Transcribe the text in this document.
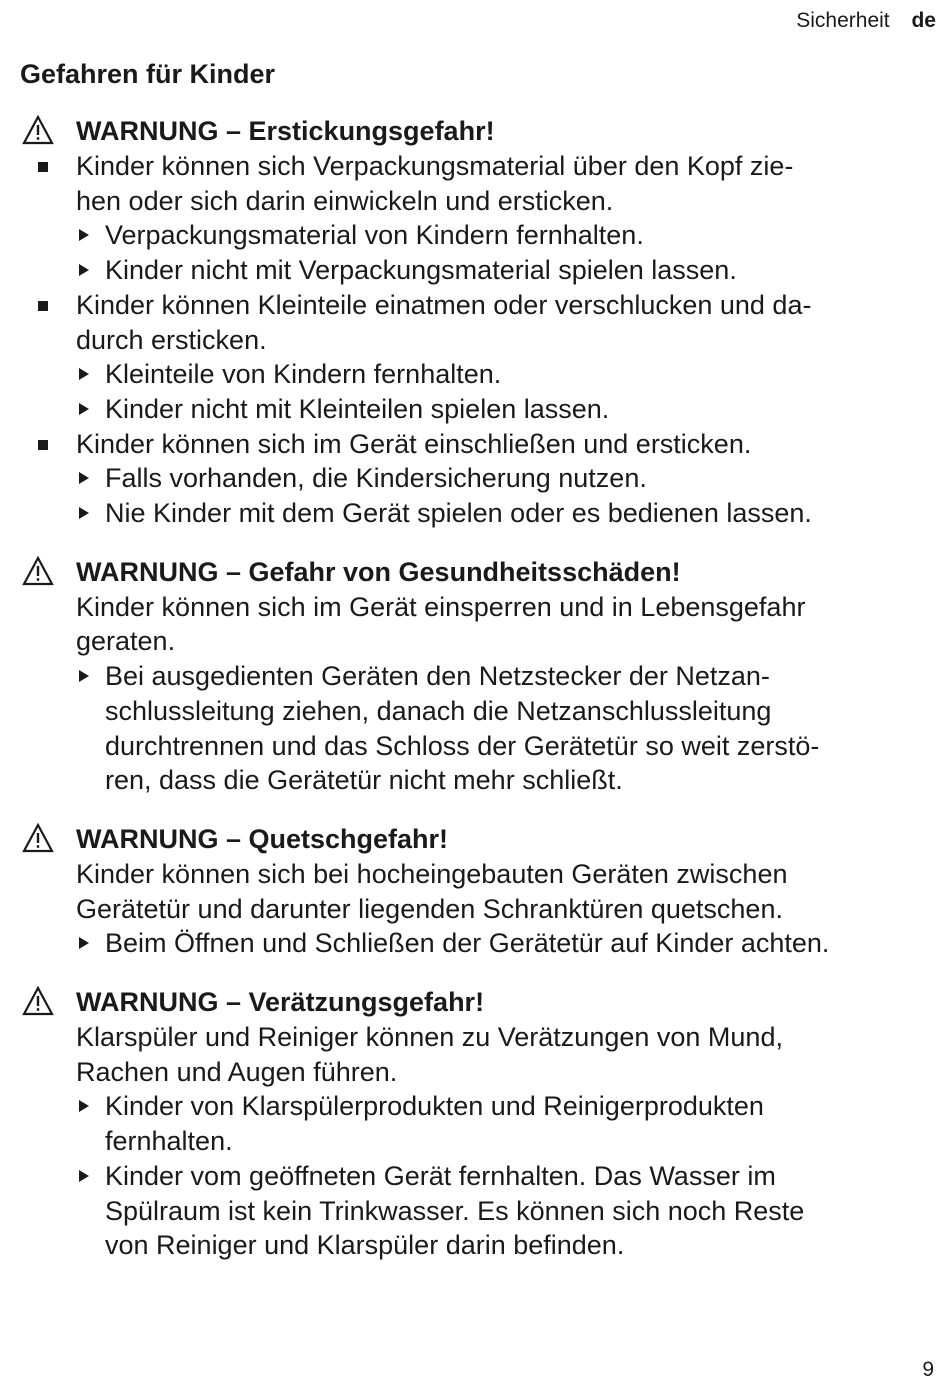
Sicherheit de
Gefahren für Kinder
WARNUNG – Erstickungsgefahr!
Kinder können sich Verpackungsmaterial über den Kopf zie-
hen oder sich darin einwickeln und ersticken.
Verpackungsmaterial von Kindern fernhalten.
Kinder nicht mit Verpackungsmaterial spielen lassen.
Kinder können Kleinteile einatmen oder verschlucken und da-
durch ersticken.
Kleinteile von Kindern fernhalten.
Kinder nicht mit Kleinteilen spielen lassen.
Kinder können sich im Gerät einschließen und ersticken.
Falls vorhanden, die Kindersicherung nutzen.
Nie Kinder mit dem Gerät spielen oder es bedienen lassen.
WARNUNG – Gefahr von Gesundheitsschäden!
Kinder können sich im Gerät einsperren und in Lebensgefahr
geraten.
Bei ausgedienten Geräten den Netzstecker der Netzan-
schlussleitung ziehen, danach die Netzanschlussleitung
durchtrennen und das Schloss der Gerätetür so weit zerstö-
ren, dass die Gerätetür nicht mehr schließt.
WARNUNG – Quetschgefahr!
Kinder können sich bei hocheingebauten Geräten zwischen
Gerätetür und darunter liegenden Schranktüren quetschen.
Beim Öffnen und Schließen der Gerätetür auf Kinder achten.
WARNUNG – Verätzungsgefahr!
Klarspüler und Reiniger können zu Verätzungen von Mund,
Rachen und Augen führen.
Kinder von Klarspülerprodukten und Reinigerprodukten
fernhalten.
Kinder vom geöffneten Gerät fernhalten. Das Wasser im
Spülraum ist kein Trinkwasser. Es können sich noch Reste
von Reiniger und Klarspüler darin befinden.
9
